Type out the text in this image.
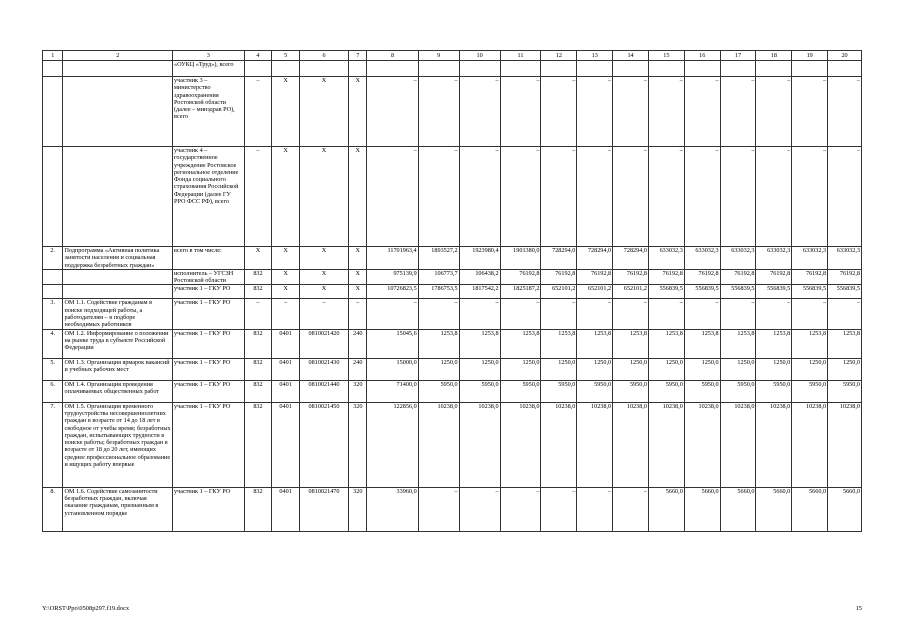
1	2	3	4	5	6	7	8	9	10	11	12	13	14	15	16	17	18	19	20
		«ОУКЦ «Труд»), всего																	
		участник 3 – министерство здравоохранения Ростовской области (далее – минздрав РО), всего	–	Х	Х	Х	–	–	–	–	–	–	–	–	–	–	–	–	–
		участник 4 – государственное учреждение Ростовское региональное отделение Фонда социального страхования Российской Федерации (далее ГУ РРО ФСС РФ), всего	–	Х	Х	Х	–	–	–	–	–	–	–	–	–	–	–	–	–
2.	Подпрограмма «Активная политика занятости населения и социальная поддержка безработных граждан»	всего в том числе:	Х	Х	Х	Х	11701963,4	1893527,2	1923980,4	1901380,0	728294,0	728294,0	728294,0	633032,3	633032,3	633032,3	633032,3	633032,3	633032,3
		исполнитель – УГСЗН Ростовской области	832	Х	Х	Х	975139,9	106773,7	106438,2	76192,8	76192,8	76192,8	76192,8	76192,8	76192,8	76192,8	76192,8	76192,8	76192,8
		участник 1 – ГКУ РО	832	Х	Х	Х	10726823,5	1786753,5	1817542,2	1825187,2	652101,2	652101,2	652101,2	556839,5	556839,5	556839,5	556839,5	556839,5	556839,5
3.	ОМ 1.1. Содействие гражданам в поиске подходящей работы, а работодателям – в подборе необходимых работников	участник 1 – ГКУ РО	–	–	–	–	–	–	–	–	–	–	–	–	–	–	–	–	–
4.	ОМ 1.2. Информирование о положении на рынке труда в субъекте Российской Федерации	участник 1 – ГКУ РО	832	0401	0810021420	240	15045,6	1253,8	1253,8	1253,8	1253,8	1253,8	1253,8	1253,8	1253,8	1253,8	1253,8	1253,8	1253,8
5.	ОМ 1.3. Организация ярмарок вакансий и учебных рабочих мест	участник 1 – ГКУ РО	832	0401	0810021430	240	15000,0	1250,0	1250,0	1250,0	1250,0	1250,0	1250,0	1250,0	1250,0	1250,0	1250,0	1250,0	1250,0
6.	ОМ 1.4. Организация проведения оплачиваемых общественных работ	участник 1 – ГКУ РО	832	0401	0810021440	320	71400,0	5950,0	5950,0	5950,0	5950,0	5950,0	5950,0	5950,0	5950,0	5950,0	5950,0	5950,0	5950,0
7.	ОМ 1.5. Организация временного трудоустройства несовершеннолетних граждан в возрасте от 14 до 18 лет в свободное от учебы время; безработных граждан, испытывающих трудности в поиске работы; безработных граждан в возрасте от 18 до 20 лет, имеющих среднее профессиональное образование и ищущих работу впервые	участник 1 – ГКУ РО	832	0401	0810021450	320	122856,0	10238,0	10238,0	10238,0	10238,0	10238,0	10238,0	10238,0	10238,0	10238,0	10238,0	10238,0	10238,0
8.	ОМ 1.6. Содействие самозанятости безработных граждан, включая оказание гражданам, признанным в установленном порядке	участник 1 – ГКУ РО	832	0401	0810021470	320	33960,0	–	–	–	–	–	–	5660,0	5660,0	5660,0	5660,0	5660,0	5660,0
Y:\ORST\Ppo\0508p297.f19.docx	15
